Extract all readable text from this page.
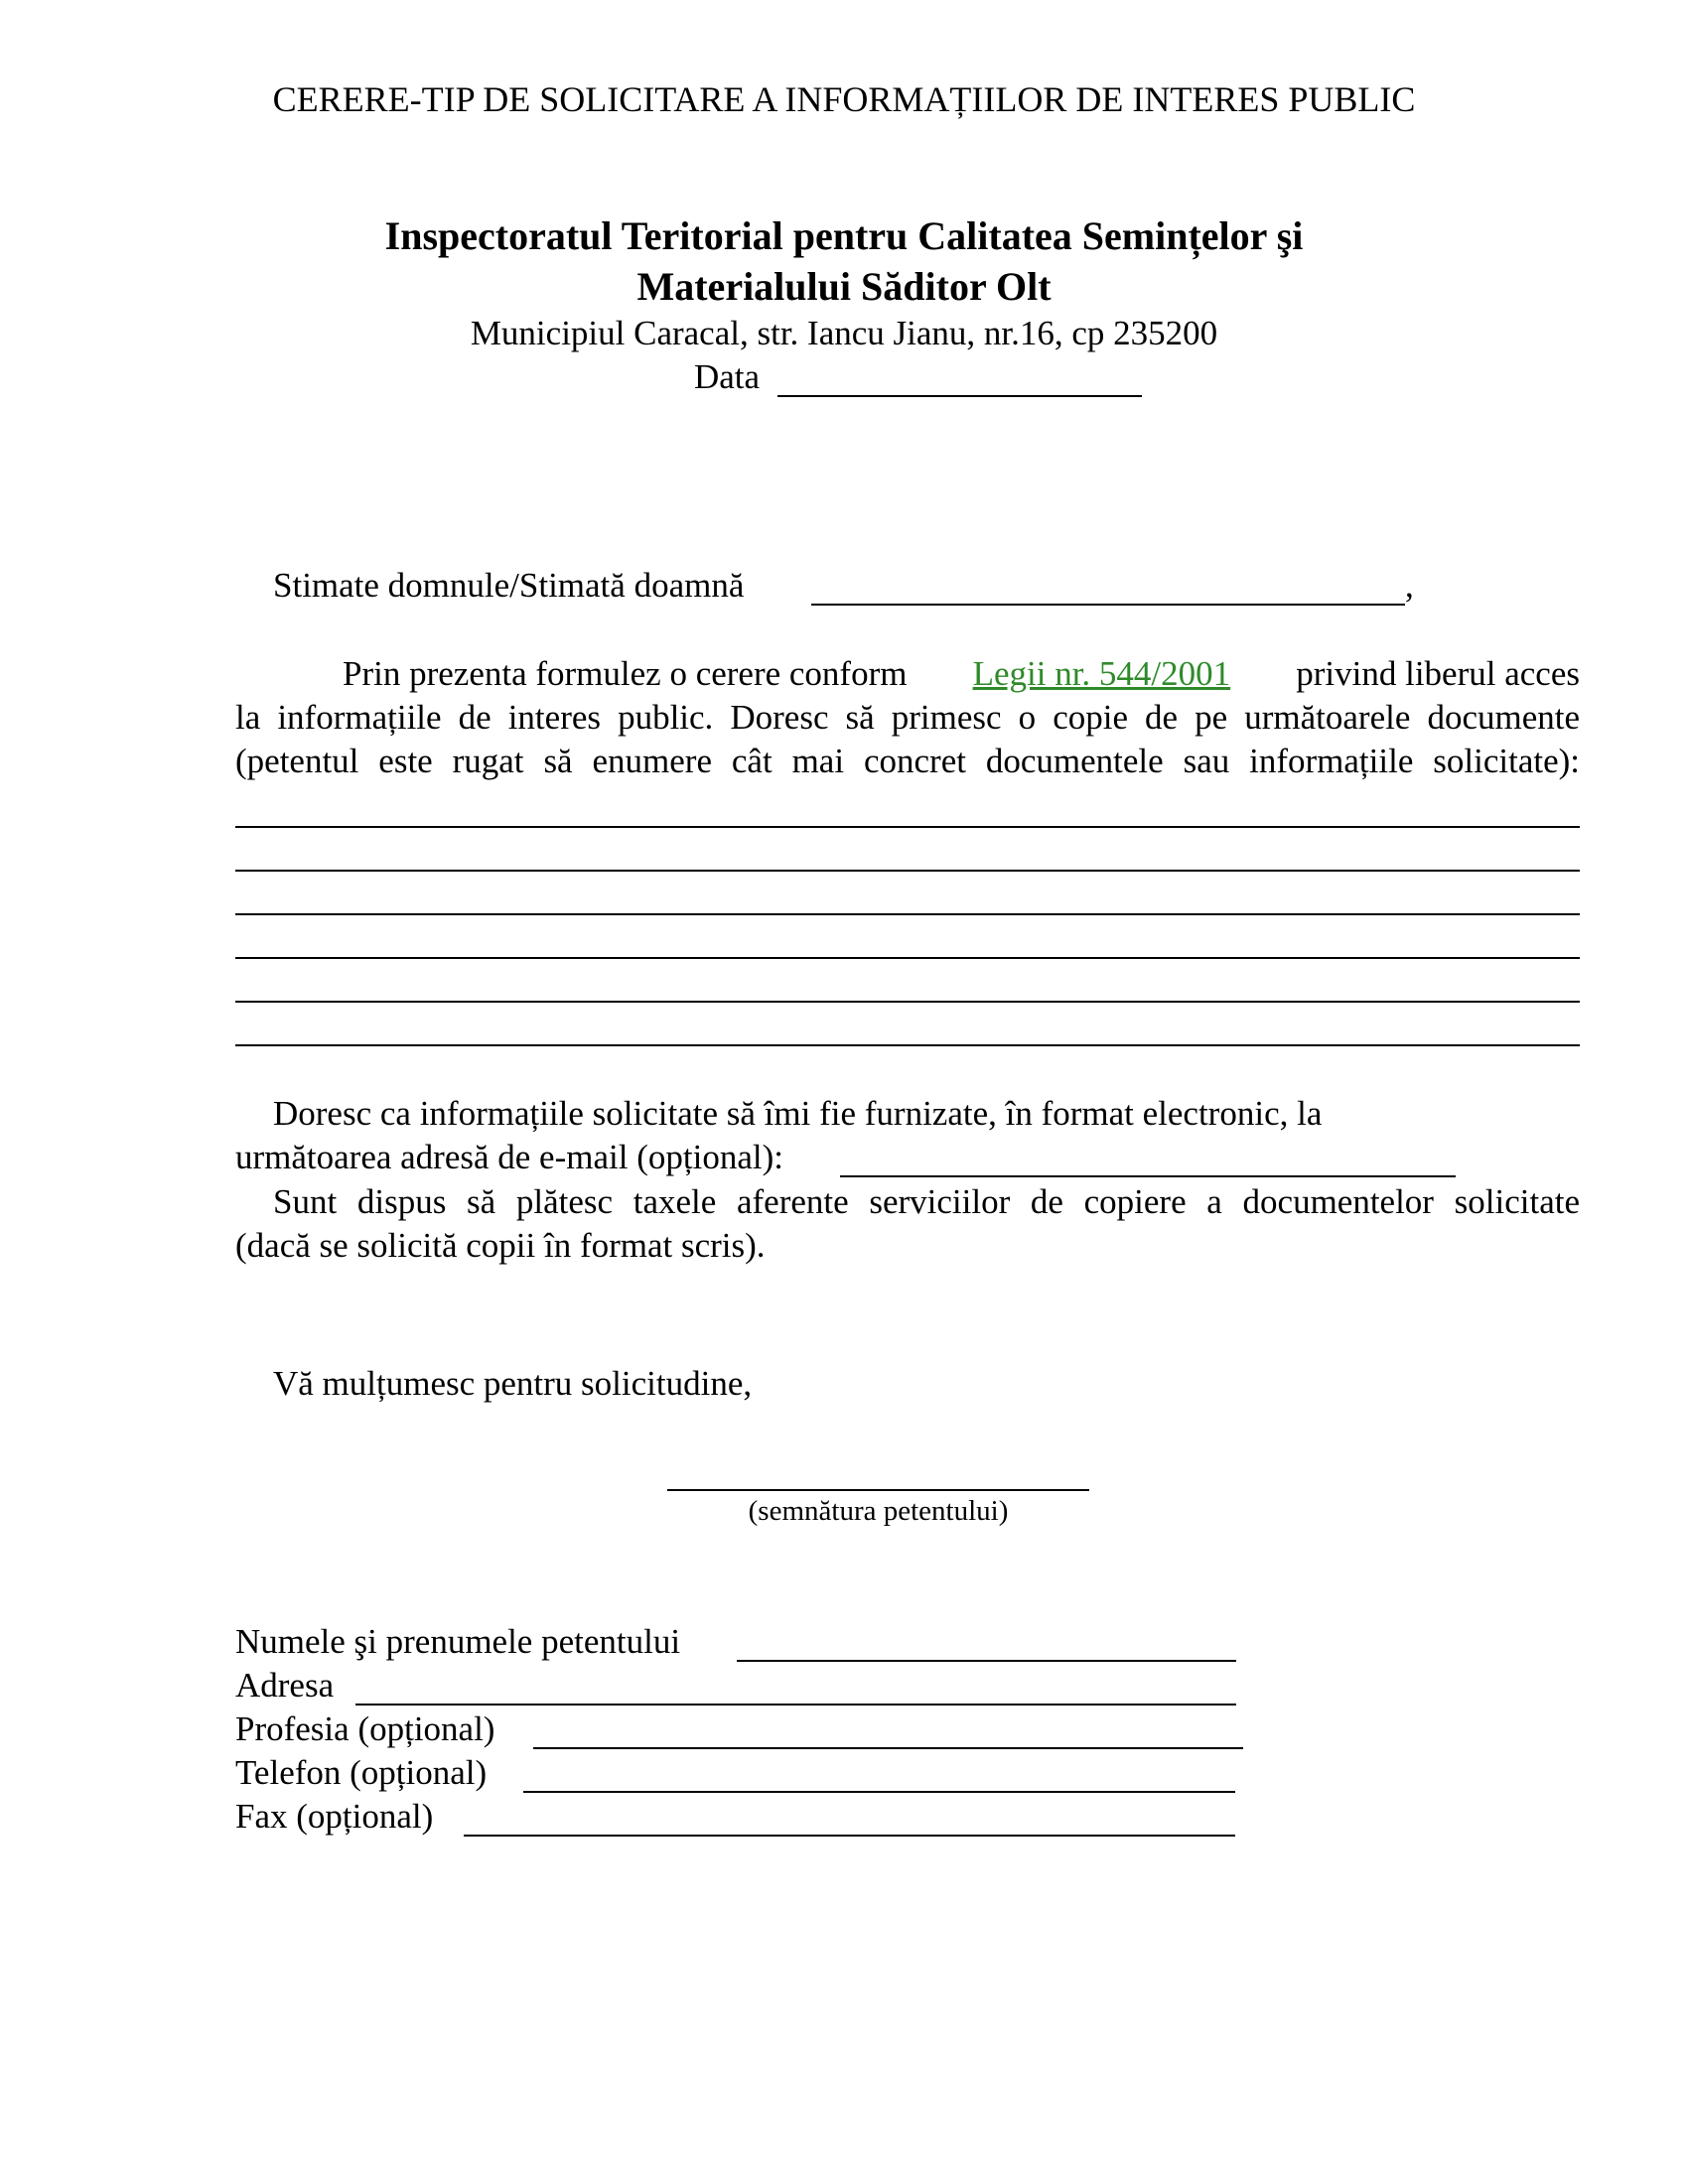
CERERE-TIP DE SOLICITARE A INFORMAȚIILOR DE INTERES PUBLIC
Inspectoratul Teritorial pentru Calitatea Semințelor şi
Materialului Săditor Olt
Municipiul Caracal, str. Iancu Jianu, nr.16, cp 235200
Data
Stimate domnule/Stimată doamnă	,
Prin prezenta formulez o cerere conform Legii nr. 544/2001 privind liberul acces
la informațiile de interes public. Doresc să primesc o copie de pe următoarele documente
(petentul este rugat să enumere cât mai concret documentele sau informațiile solicitate):
Doresc ca informațiile solicitate să îmi fie furnizate, în format electronic, la
următoarea adresă de e-mail (opțional):
Sunt dispus să plătesc taxele aferente serviciilor de copiere a documentelor solicitate
(dacă se solicită copii în format scris).
Vă mulțumesc pentru solicitudine,
(semnătura petentului)
Numele şi prenumele petentului
Adresa
Profesia (opțional)
Telefon (opțional)
Fax (opțional)
